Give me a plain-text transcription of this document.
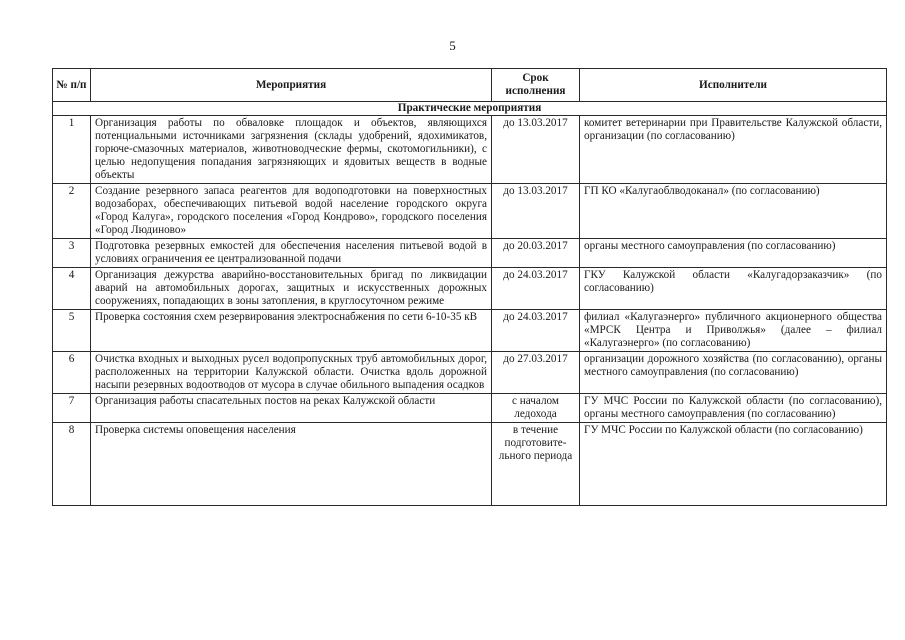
5
№ п/п	Мероприятия	Срок исполнения	Исполнители
Практические мероприятия			
1	Организация работы по обваловке площадок и объектов, являющихся потенциальными источниками загрязнения (склады удобрений, ядохимикатов, горюче-смазочных материалов, животноводческие фермы, скотомогильники), с целью недопущения попадания загрязняющих и ядовитых веществ в водные объекты	до 13.03.2017	комитет ветеринарии при Правительстве Калужской области, организации (по согласованию)
2	Создание резервного запаса реагентов для водоподготовки на поверхностных водозаборах, обеспечивающих питьевой водой население городского округа «Город Калуга», городского поселения «Город Кондрово», городского поселения «Город Людиново»	до 13.03.2017	ГП КО «Калугаоблводоканал» (по согласованию)
3	Подготовка резервных емкостей для обеспечения населения питьевой водой в условиях ограничения ее централизованной подачи	до 20.03.2017	органы местного самоуправления (по согласованию)
4	Организация дежурства аварийно-восстановительных бригад по ликвидации аварий на автомобильных дорогах, защитных и искусственных дорожных сооружениях, попадающих в зоны затопления, в круглосуточном режиме	до 24.03.2017	ГКУ Калужской области «Калугадорзаказчик» (по согласованию)
5	Проверка состояния схем резервирования электроснабжения по сети 6-10-35 кВ	до 24.03.2017	филиал «Калугаэнерго» публичного акционерного общества «МРСК Центра и Приволжья» (далее – филиал «Калугаэнерго» (по согласованию)
6	Очистка входных и выходных русел водопропускных труб автомобильных дорог, расположенных на территории Калужской области. Очистка вдоль дорожной насыпи резервных водоотводов от мусора в случае обильного выпадения осадков	до 27.03.2017	организации дорожного хозяйства (по согласованию), органы местного самоуправления (по согласованию)
7	Организация работы спасательных постов на реках Калужской области	с началом ледохода	ГУ МЧС России по Калужской области (по согласованию), органы местного самоуправления (по согласованию)
8	Проверка системы оповещения населения	в течение подготовите-льного периода	ГУ МЧС России по Калужской области (по согласованию)
